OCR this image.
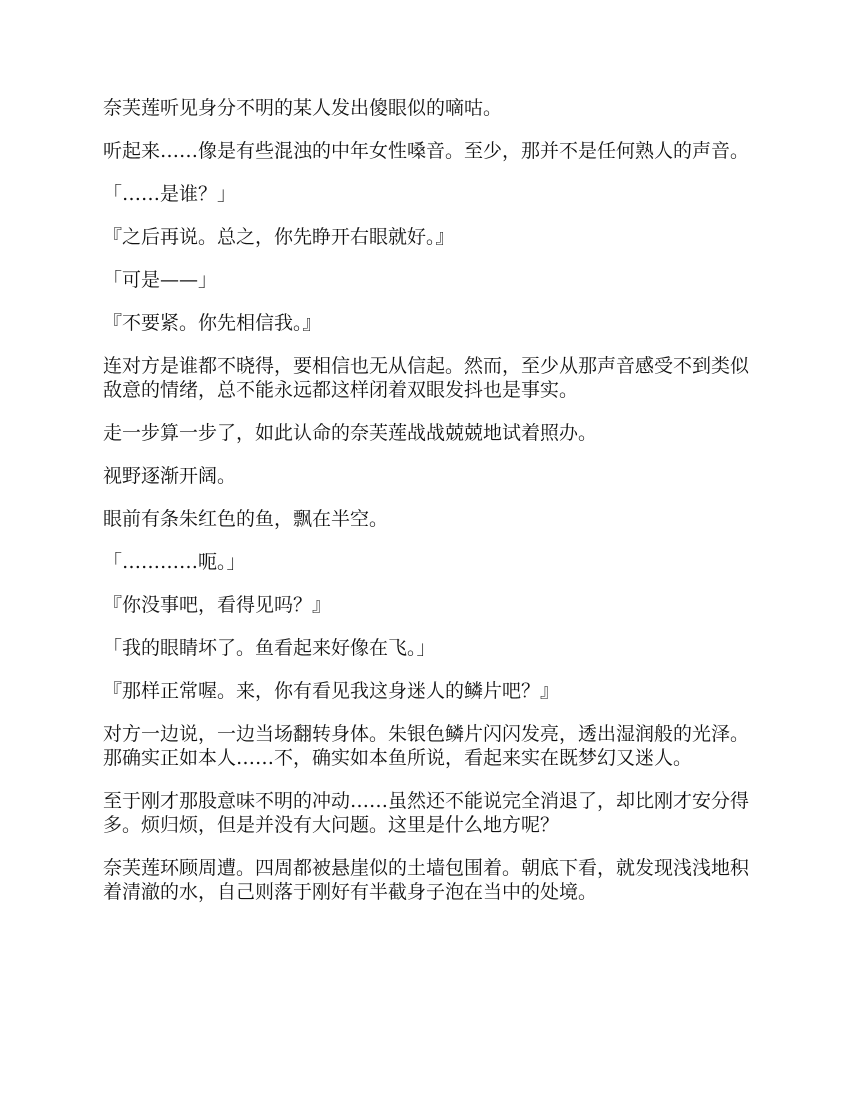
奈芙莲听见身分不明的某人发出傻眼似的嘀咕。

听起来……像是有些混浊的中年女性嗓音。至少，那并不是任何熟人的声音。

「……是谁？」

『之后再说。总之，你先睁开右眼就好。』

「可是——」

『不要紧。你先相信我。』

连对方是谁都不晓得，要相信也无从信起。然而，至少从那声音感受不到类似敌意的情绪，总不能永远都这样闭着双眼发抖也是事实。

走一步算一步了，如此认命的奈芙莲战战兢兢地试着照办。

视野逐渐开阔。

眼前有条朱红色的鱼，飘在半空。

「…………呃。」

『你没事吧，看得见吗？』

「我的眼睛坏了。鱼看起来好像在飞。」

『那样正常喔。来，你有看见我这身迷人的鳞片吧？』

对方一边说，一边当场翻转身体。朱银色鳞片闪闪发亮，透出湿润般的光泽。那确实正如本人……不，确实如本鱼所说，看起来实在既梦幻又迷人。

至于刚才那股意味不明的冲动……虽然还不能说完全消退了，却比刚才安分得多。烦归烦，但是并没有大问题。这里是什么地方呢？

奈芙莲环顾周遭。四周都被悬崖似的土墙包围着。朝底下看，就发现浅浅地积着清澈的水，自己则落于刚好有半截身子泡在当中的处境。
